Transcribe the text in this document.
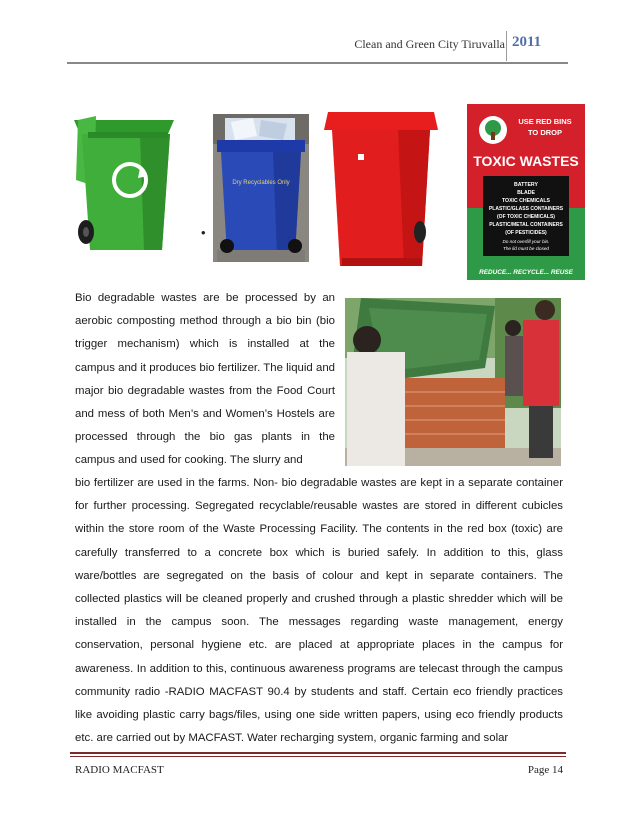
Clean and Green City Tiruvalla 2011
Dry Recyclables Only
•
USE RED BINS
TO DROP
TOXIC WASTES
BATTERY
BLADE
TOXIC CHEMICALS
PLASTIC/GLASS CONTAINERS
(OF TOXIC CHEMICALS)
PLASTIC/METAL CONTAINERS
(OF PESTICIDES)
Do not overfill your bin.
The lid must be closed
REDUCE... RECYCLE... REUSE
Bio degradable wastes are be processed by an aerobic composting method through a bio bin (bio trigger mechanism) which is installed at the campus and it produces bio fertilizer. The liquid and major bio degradable wastes from the Food Court and mess of both Men’s and Women’s Hostels are processed through the bio gas plants in the campus and used for cooking. The slurry and
bio fertilizer are used in the farms. Non- bio degradable wastes are kept in a separate container for further processing. Segregated recyclable/reusable wastes are stored in different cubicles within the store room of the Waste Processing Facility. The contents in the red box (toxic) are carefully transferred to a concrete box which is buried safely. In addition to this, glass ware/bottles are segregated on the basis of colour and kept in separate containers. The collected plastics will be cleaned properly and crushed through a plastic shredder which will be installed in the campus soon. The messages regarding waste management, energy conservation, personal hygiene etc. are placed at appropriate places in the campus for awareness. In addition to this, continuous awareness programs are telecast through the campus community radio -RADIO MACFAST 90.4 by students and staff. Certain eco friendly practices like avoiding plastic carry bags/files, using one side written papers, using eco friendly products etc. are carried out by MACFAST. Water recharging system, organic farming and solar
RADIO MACFAST	Page 14
